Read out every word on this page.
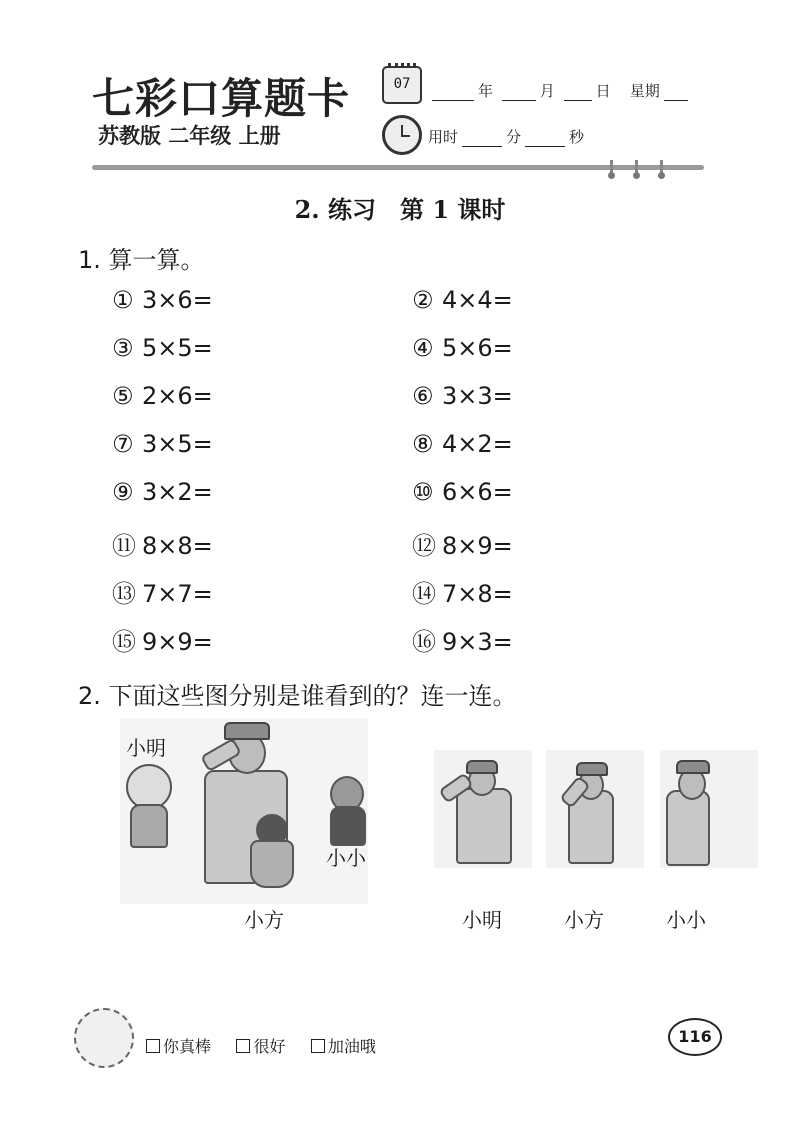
七彩口算题卡
苏教版 二年级 上册
07	年	月	日 星期
用时	分	秒
2. 练习　第 1 课时
1. 算一算。
① 3×6=	② 4×4=
③ 5×5=	④ 5×6=
⑤ 2×6=	⑥ 3×3=
⑦ 3×5=	⑧ 4×2=
⑨ 3×2=	⑩ 6×6=
⑪ 8×8=	⑫ 8×9=
⑬ 7×7=	⑭ 7×8=
⑮ 9×9=	⑯ 9×3=
2. 下面这些图分别是谁看到的？连一连。
小明
小小
小方	小明	小方	小小
你真棒	很好	加油哦
116
